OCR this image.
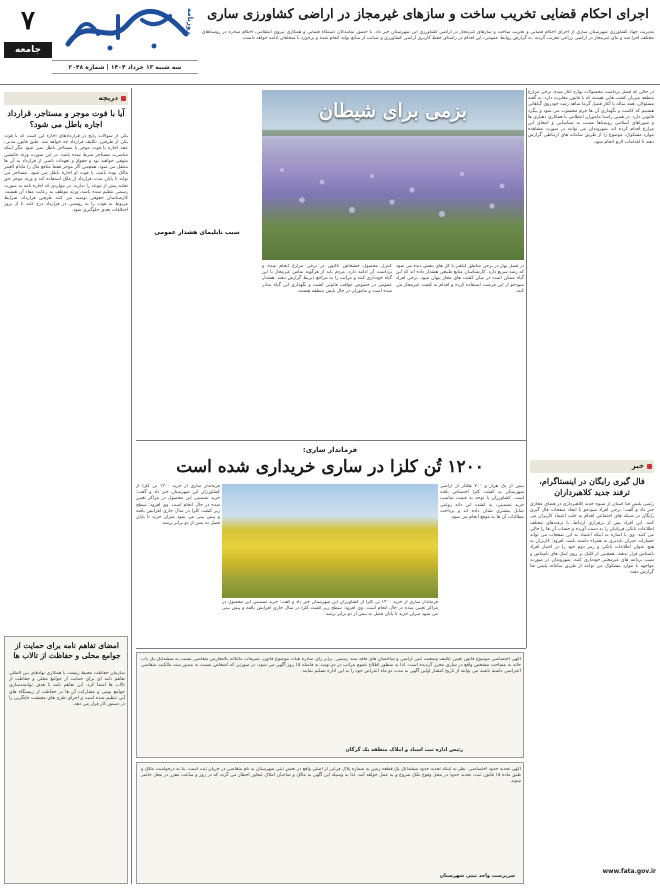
۷
جامعه
روزنامه
سه شنبه ۱۳ خرداد ۱۴۰۴ | شماره ۲۰۴۸
اجرای احکام قضایی تخریب ساخت و سازهای غیرمجاز در اراضی کشاورزی ساری
مدیریت جهاد کشاورزی شهرستان ساری از اجرای احکام قضایی و تخریب ساخت و سازهای غیرمجاز در اراضی کشاورزی این شهرستان خبر داد. با حضور نمایندگان دستگاه قضایی و همکاری نیروی انتظامی، احکام صادره در روستاهای مختلف اجرا شد و بنای غیرمجاز در اراضی زراعی تخریب گردید. به گزارش روابط عمومی، این اقدام در راستای حفظ کاربری اراضی کشاورزی و صیانت از منابع تولید انجام شده و برخورد با متخلفان ادامه خواهد داشت.
دریچه
آیا با فوت موجر و مستاجر، قرارداد اجاره باطل می شود؟
یکی از سوالات رایج در قراردادهای اجاره این است که با فوت یکی از طرفین، تکلیف قرارداد چه خواهد شد. طبق قانون مدنی، عقد اجاره با فوت موجر یا مستاجر باطل نمی شود مگر اینکه مباشرت مستاجر شرط شده باشد. در این صورت ورثه جانشین متوفی خواهند بود و حقوق و تعهدات ناشی از قرارداد به آن ها منتقل می شود. همچنین اگر موجر فقط منافع مال را مادام العمر مالک بوده باشد، با فوت او اجاره باطل می شود. مستاجر می تواند تا پایان مدت قرارداد از ملک استفاده کند و ورثه موجر حق تخلیه پیش از موعد را ندارند. در مواردی که اجاره نامه به صورت رسمی تنظیم شده باشد، ورثه موظف به رعایت مفاد آن هستند. کارشناسان حقوقی توصیه می کنند طرفین قرارداد، شرایط مربوط به فوت را به روشنی در قرارداد درج کنند تا از بروز اختلافات بعدی جلوگیری شود.
امضای تفاهم نامه برای حمایت از جوامع محلی و حفاظت از تالاب ها
سازمان حفاظت محیط زیست با همکاری نهادهای بین المللی تفاهم نامه ای برای حمایت از جوامع محلی و حفاظت از تالاب ها امضا کرد. این تفاهم نامه با هدف توانمندسازی جوامع بومی و مشارکت آن ها در حفاظت از زیستگاه های آبی تنظیم شده است و اجرای طرح های معیشت جایگزین را در دستور کار قرار می دهد.
بزمی برای شیطان
در حالی که فصل برداشت محصولات بهاره آغاز شده، برخی مزارع منطقه میزبان کشت هایی هستند که با قانون مغایرت دارد. به گفته مسئولان، همه ساله با آغاز فصل گرما شاهد رشد خودروی گیاهانی هستیم که کاشت و نگهداری آن ها جرم محسوب می شود و پیگرد قانونی دارد. در همین راستا ماموران انتظامی با همکاری دهیاری ها و شوراهای اسلامی روستاها نسبت به شناسایی و امحای این مزارع اقدام کرده اند. شهروندان می توانند در صورت مشاهده موارد مشکوک، موضوع را از طریق سامانه های ارتباطی گزارش دهند تا اقدامات لازم انجام شود.
در فصل بهار در برخی مناطق گیاهی با گل های بنفش دیده می شود که رشد سریع دارد. کارشناسان منابع طبیعی هشدار داده اند که این گیاه ممکن است در میان کشت های مجاز پنهان شود. برخی افراد سودجو از این فرصت استفاده کرده و اقدام به کشت غیرمجاز می کنند.
کنترل محصول خشخاش تاکنون در برخی مزارع انجام شده و برداشت آن ادامه دارد. مردم باید از هرگونه تماس غیرمجاز با این گیاه خودداری کنند و مراتب را به مراجع ذیربط گزارش دهند. هشدار عمومی در خصوص عواقب قانونی کشت و نگهداری این گیاه صادر شده است و ماموران در حال پایش منطقه هستند.
سبب نابلیمای هشدار عمومی
فرماندار ساری:
۱۲۰۰ تُن کلزا در ساری خریداری شده است
بیش از یک هزار و ۷۰۰ هکتار از اراضی شهرستان به کشت کلزا اختصاص یافته است. کشاورزان با توجه به قیمت مناسب خرید تضمینی، به کشت این دانه روغنی تمایل بیشتری نشان داده اند و پرداخت مطالبات آن ها به موقع انجام می شود.
فرماندار ساری از خرید ۱۲۰۰ تن کلزا از کشاورزان این شهرستان خبر داد و گفت: خرید تضمینی این محصول در مراکز تعیین شده در حال انجام است. وی افزود: سطح زیر کشت کلزا در سال جاری افزایش یافته و پیش بینی می شود میزان خرید تا پایان فصل به بیش از دو برابر برسد.
فرماندار ساری از خرید ۱۲۰۰ تن کلزا از کشاورزان این شهرستان خبر داد و گفت: خرید تضمینی این محصول در مراکز تعیین شده در حال انجام است. وی افزود: سطح زیر کشت کلزا در سال جاری افزایش یافته و پیش بینی می شود میزان خرید تا پایان فصل به بیش از دو برابر برسد.
خبر
فال گیری رایگان در اینستاگرام، ترفند جدید کلاهبرداران
رئیس پلیس فتا استان از شیوه جدید کلاهبرداری در فضای مجازی خبر داد و گفت: برخی افراد سودجو با ایجاد صفحات فال گیری رایگان در شبکه های اجتماعی اقدام به جلب اعتماد کاربران می کنند. این افراد پس از برقراری ارتباط، با ترفندهای مختلف اطلاعات بانکی قربانیان را به دست آورده و حساب آن ها را خالی می کنند. وی با اشاره به اینکه اعتماد به این صفحات می تواند خسارات جبران ناپذیری به همراه داشته باشد، افزود: کاربران به هیچ عنوان اطلاعات بانکی و رمز دوم خود را در اختیار افراد ناشناس قرار ندهند. همچنین از کلیک بر روی لینک های ناشناس و نصب برنامه های غیرمعتبر خودداری کنند. شهروندان در صورت مواجهه با موارد مشکوک می توانند از طریق سامانه پلیس فتا گزارش دهند.
آگهی اختصاصی موضوع قانون تعیین تکلیف وضعیت ثبتی اراضی و ساختمان های فاقد سند رسمی. برابر رای صادره هیات موضوع قانون، تصرفات مالکانه بلامعارض متقاضی نسبت به ششدانگ یک باب خانه به مساحت مشخص واقع در ساری محرز گردیده است. لذا به منظور اطلاع عموم مراتب در دو نوبت به فاصله ۱۵ روز آگهی می شود. در صورتی که اشخاص نسبت به صدور سند مالکیت متقاضی اعتراضی داشته باشند می توانند از تاریخ انتشار اولین آگهی به مدت دو ماه اعتراض خود را به این اداره تسلیم نمایند.
رئیس اداره ثبت اسناد و املاک منطقه یک گرگان
آگهی تحدید حدود اختصاصی. نظر به اینکه تحدید حدود ششدانگ یک قطعه زمین به شماره پلاک فرعی از اصلی واقع در بخش ثبتی شهرستان به نام متقاضی در جریان ثبت است، بنا به درخواست مالک و طبق ماده ۱۵ قانون ثبت، تحدید حدود در محل وقوع ملک شروع و به عمل خواهد آمد. لذا به وسیله این آگهی به مالک و صاحبان املاک مجاور اخطار می گردد که در روز و ساعت مقرر در محل حاضر شوند.
سرپرست واحد ثبتی شهرستان
www.fata.gov.ir
